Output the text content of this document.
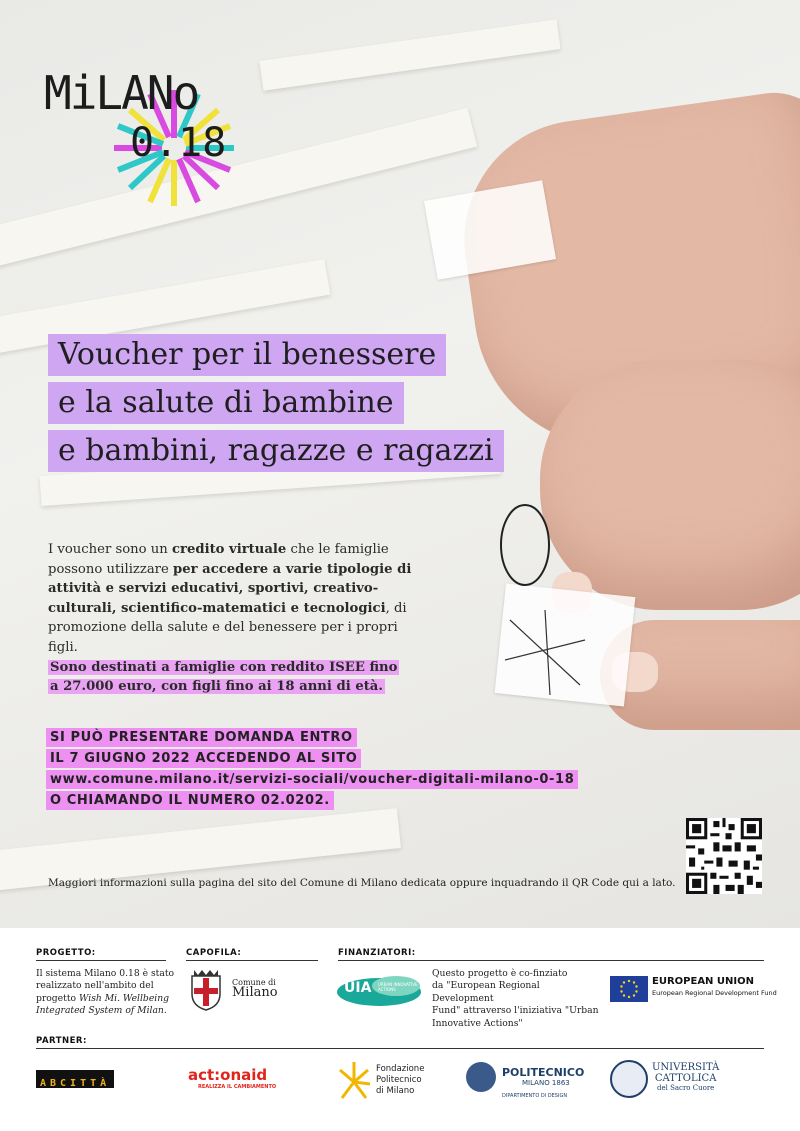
MiLANo
0.18
Voucher per il benessere
e la salute di bambine
e bambini, ragazze e ragazzi
I voucher sono un credito virtuale che le famiglie possono utilizzare per accedere a varie tipologie di attività e servizi educativi, sportivi, creativo-culturali, scientifico-matematici e tecnologici, di promozione della salute e del benessere per i propri figli.
Sono destinati a famiglie con reddito ISEE fino
a 27.000 euro, con figli fino ai 18 anni di età.
SI PUÒ PRESENTARE DOMANDA ENTRO
IL 7 GIUGNO 2022 ACCEDENDO AL SITO
www.comune.milano.it/servizi-sociali/voucher-digitali-milano-0-18
O CHIAMANDO IL NUMERO 02.0202.
Maggiori informazioni sulla pagina del sito del Comune di Milano dedicata oppure inquadrando il QR Code qui a lato.
PROGETTO:
Il sistema Milano 0.18 è stato
realizzato nell'ambito del
progetto Wish Mi. Wellbeing
Integrated System of Milan.
CAPOFILA:
Comune di
Milano
FINANZIATORI:
UIA URBAN INNOVATIVE ACTIONS
Questo progetto è co-finziato
da "European Regional Development
Fund" attraverso l'iniziativa "Urban
Innovative Actions"
EUROPEAN UNION
European Regional Development Fund
PARTNER:
ABCITTÀ	act:onaid
REALIZZA IL CAMBIAMENTO
Fondazione
Politecnico
di Milano
POLITECNICO
MILANO 1863
DIPARTIMENTO DI DESIGN
UNIVERSITÀ
CATTOLICA
del Sacro Cuore
